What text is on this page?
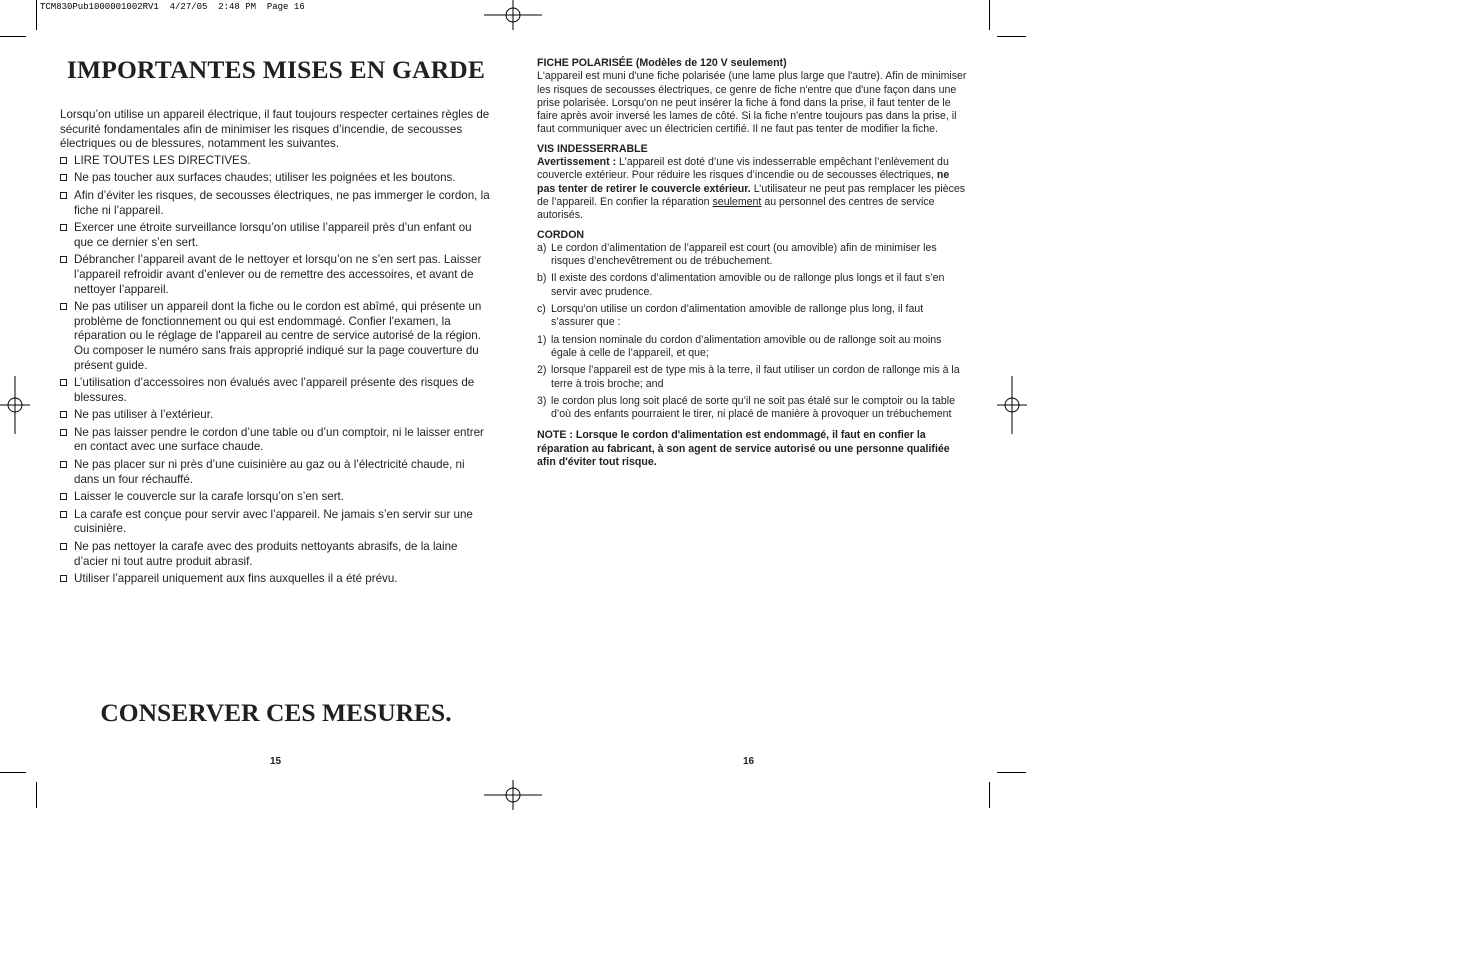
TCM830Pub1000001002RV1  4/27/05  2:48 PM  Page 16
IMPORTANTES MISES EN GARDE

Lorsqu’on utilise un appareil électrique, il faut toujours respecter certaines règles de sécurité fondamentales afin de minimiser les risques d’incendie, de secousses électriques ou de blessures, notamment les suivantes.

LIRE TOUTES LES DIRECTIVES.
Ne pas toucher aux surfaces chaudes; utiliser les poignées et les boutons.
Afin d’éviter les risques, de secousses électriques, ne pas immerger le cordon, la fiche ni l’appareil.
Exercer une étroite surveillance lorsqu’on utilise l’appareil près d’un enfant ou que ce dernier s’en sert.
Débrancher l’appareil avant de le nettoyer et lorsqu’on ne s’en sert pas. Laisser l’appareil refroidir avant d’enlever ou de remettre des accessoires, et avant de nettoyer l’appareil.
Ne pas utiliser un appareil dont la fiche ou le cordon est abîmé, qui présente un problème de fonctionnement ou qui est endommagé. Confier l'examen, la réparation ou le réglage de l'appareil au centre de service autorisé de la région. Ou composer le numéro sans frais approprié indiqué sur la page couverture du présent guide.
L’utilisation d’accessoires non évalués avec l’appareil présente des risques de blessures.
Ne pas utiliser à l’extérieur.
Ne pas laisser pendre le cordon d’une table ou d’un comptoir, ni le laisser entrer en contact avec une surface chaude.
Ne pas placer sur ni près d’une cuisinière au gaz ou à l’électricité chaude, ni dans un four réchauffé.
Laisser le couvercle sur la carafe lorsqu’on s’en sert.
La carafe est conçue pour servir avec l’appareil. Ne jamais s’en servir sur une cuisinière.
Ne pas nettoyer la carafe avec des produits nettoyants abrasifs, de la laine d’acier ni tout autre produit abrasif.
Utiliser l’appareil uniquement aux fins auxquelles il a été prévu.
CONSERVER CES MESURES.
15
FICHE POLARISÉE (Modèles de 120 V seulement)

L'appareil est muni d'une fiche polarisée (une lame plus large que l'autre). Afin de minimiser les risques de secousses électriques, ce genre de fiche n'entre que d'une façon dans une prise polarisée. Lorsqu'on ne peut insérer la fiche à fond dans la prise, il faut tenter de le faire après avoir inversé les lames de côté. Si la fiche n'entre toujours pas dans la prise, il faut communiquer avec un électricien certifié. Il ne faut pas tenter de modifier la fiche.

VIS INDESSERRABLE

Avertissement : L’appareil est doté d’une vis indesserrable empêchant l’enlèvement du couvercle extérieur. Pour réduire les risques d’incendie ou de secousses électriques, ne pas tenter de retirer le couvercle extérieur. L’utilisateur ne peut pas remplacer les pièces de l’appareil. En confier la réparation seulement au personnel des centres de service autorisés.

CORDON
a) Le cordon d’alimentation de l’appareil est court (ou amovible) afin de minimiser les risques d’enchevêtrement ou de trébuchement.
b) Il existe des cordons d’alimentation amovible ou de rallonge plus longs et il faut s’en servir avec prudence.
c) Lorsqu’on utilise un cordon d’alimentation amovible de rallonge plus long, il faut s’assurer que :
1) la tension nominale du cordon d’alimentation amovible ou de rallonge soit au moins égale à celle de l’appareil, et que;
2) lorsque l’appareil est de type mis à la terre, il faut utiliser un cordon de rallonge mis à la terre à trois broche; and
3) le cordon plus long soit placé de sorte qu’il ne soit pas étalé sur le comptoir ou la table d’où des enfants pourraient le tirer, ni placé de manière à provoquer un trébuchement

NOTE : Lorsque le cordon d'alimentation est endommagé, il faut en confier la réparation au fabricant, à son agent de service autorisé ou une personne qualifiée afin d'éviter tout risque.

16
